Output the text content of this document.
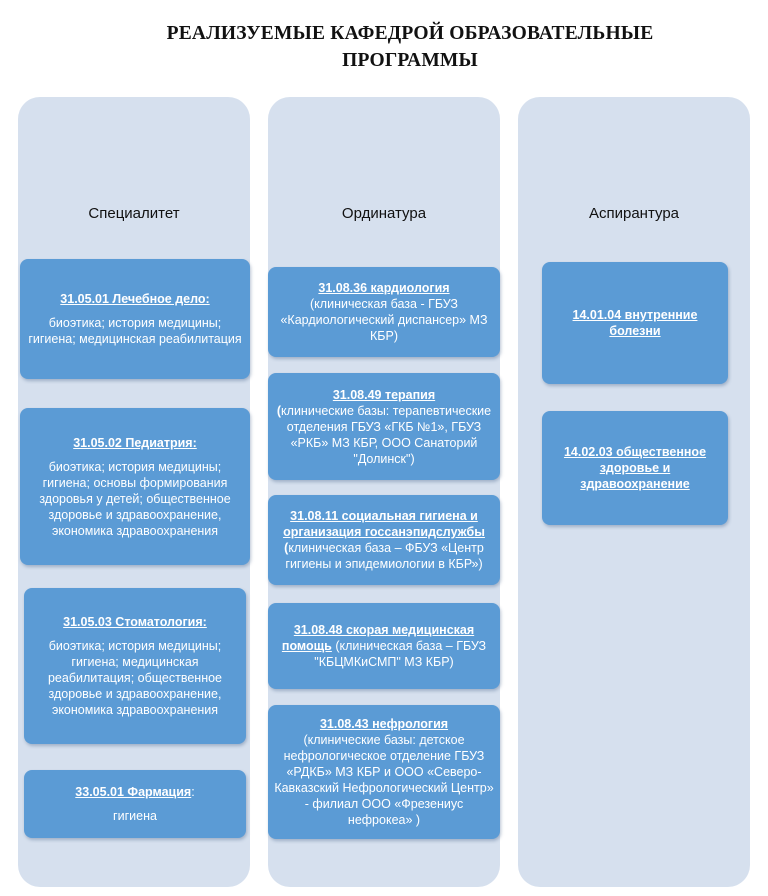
РЕАЛИЗУЕМЫЕ КАФЕДРОЙ ОБРАЗОВАТЕЛЬНЫЕ
ПРОГРАММЫ
Специалитет
31.05.01 Лечебное дело:
биоэтика; история медицины; гигиена; медицинская реабилитация
31.05.02 Педиатрия:
биоэтика; история медицины; гигиена; основы формирования здоровья у детей; общественное здоровье и здравоохранение, экономика здравоохранения
31.05.03 Стоматология:
биоэтика; история медицины; гигиена; медицинская реабилитация; общественное здоровье и здравоохранение, экономика здравоохранения
33.05.01 Фармация:
гигиена
Ординатура
31.08.36 кардиология
(клиническая база - ГБУЗ «Кардиологический диспансер» МЗ КБР)
31.08.49 терапия
(клинические базы: терапевтические отделения ГБУЗ «ГКБ №1», ГБУЗ «РКБ» МЗ КБР, ООО Санаторий "Долинск")
31.08.11 социальная гигиена и организация госсанэпидслужбы
(клиническая база – ФБУЗ «Центр гигиены и эпидемиологии в КБР»)
31.08.48 скорая медицинская помощь (клиническая база – ГБУЗ "КБЦМКиСМП" МЗ КБР)
31.08.43 нефрология
(клинические базы: детское нефрологическое отделение ГБУЗ «РДКБ» МЗ КБР и ООО «Северо-Кавказский Нефрологический Центр» - филиал ООО «Фрезениус нефрокеа» )
Аспирантура
14.01.04 внутренние болезни
14.02.03 общественное здоровье и здравоохранение
